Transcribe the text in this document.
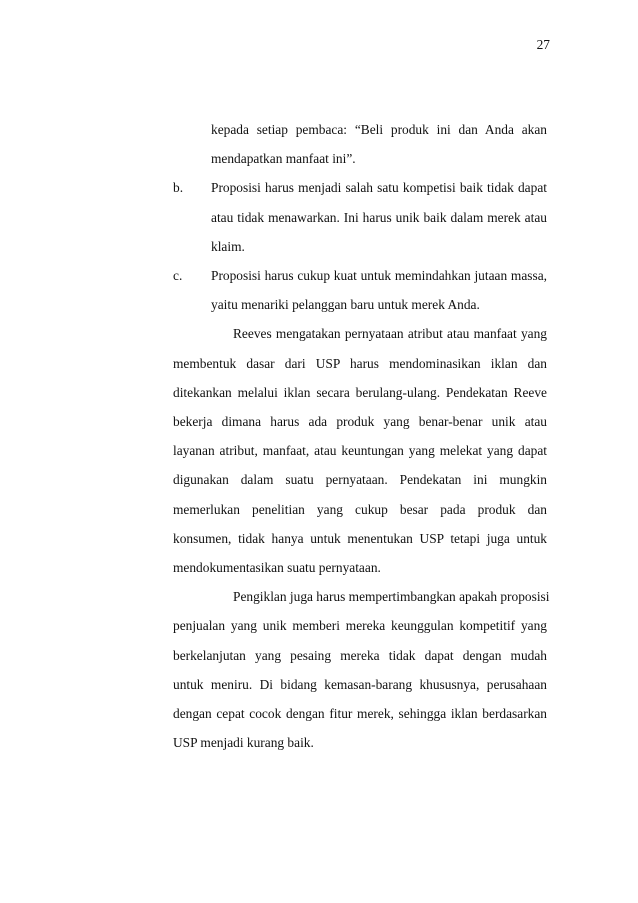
27
kepada setiap pembaca: “Beli produk ini dan Anda akan
mendapatkan manfaat ini”.
b. Proposisi harus menjadi salah satu kompetisi baik tidak dapat
atau tidak menawarkan. Ini harus unik baik dalam merek atau
klaim.
c. Proposisi harus cukup kuat untuk memindahkan jutaan massa,
yaitu menariki pelanggan baru untuk merek Anda.
Reeves mengatakan pernyataan atribut atau manfaat yang
membentuk dasar dari USP harus mendominasikan iklan dan
ditekankan melalui iklan secara berulang-ulang. Pendekatan Reeve
bekerja dimana harus ada produk yang benar-benar unik atau
layanan atribut, manfaat, atau keuntungan yang melekat yang dapat
digunakan dalam suatu pernyataan. Pendekatan ini mungkin
memerlukan penelitian yang cukup besar pada produk dan
konsumen, tidak hanya untuk menentukan USP tetapi juga untuk
mendokumentasikan suatu pernyataan.
Pengiklan juga harus mempertimbangkan apakah proposisi
penjualan yang unik memberi mereka keunggulan kompetitif yang
berkelanjutan yang pesaing mereka tidak dapat dengan mudah
untuk meniru. Di bidang kemasan-barang khususnya, perusahaan
dengan cepat cocok dengan fitur merek, sehingga iklan berdasarkan
USP menjadi kurang baik.
